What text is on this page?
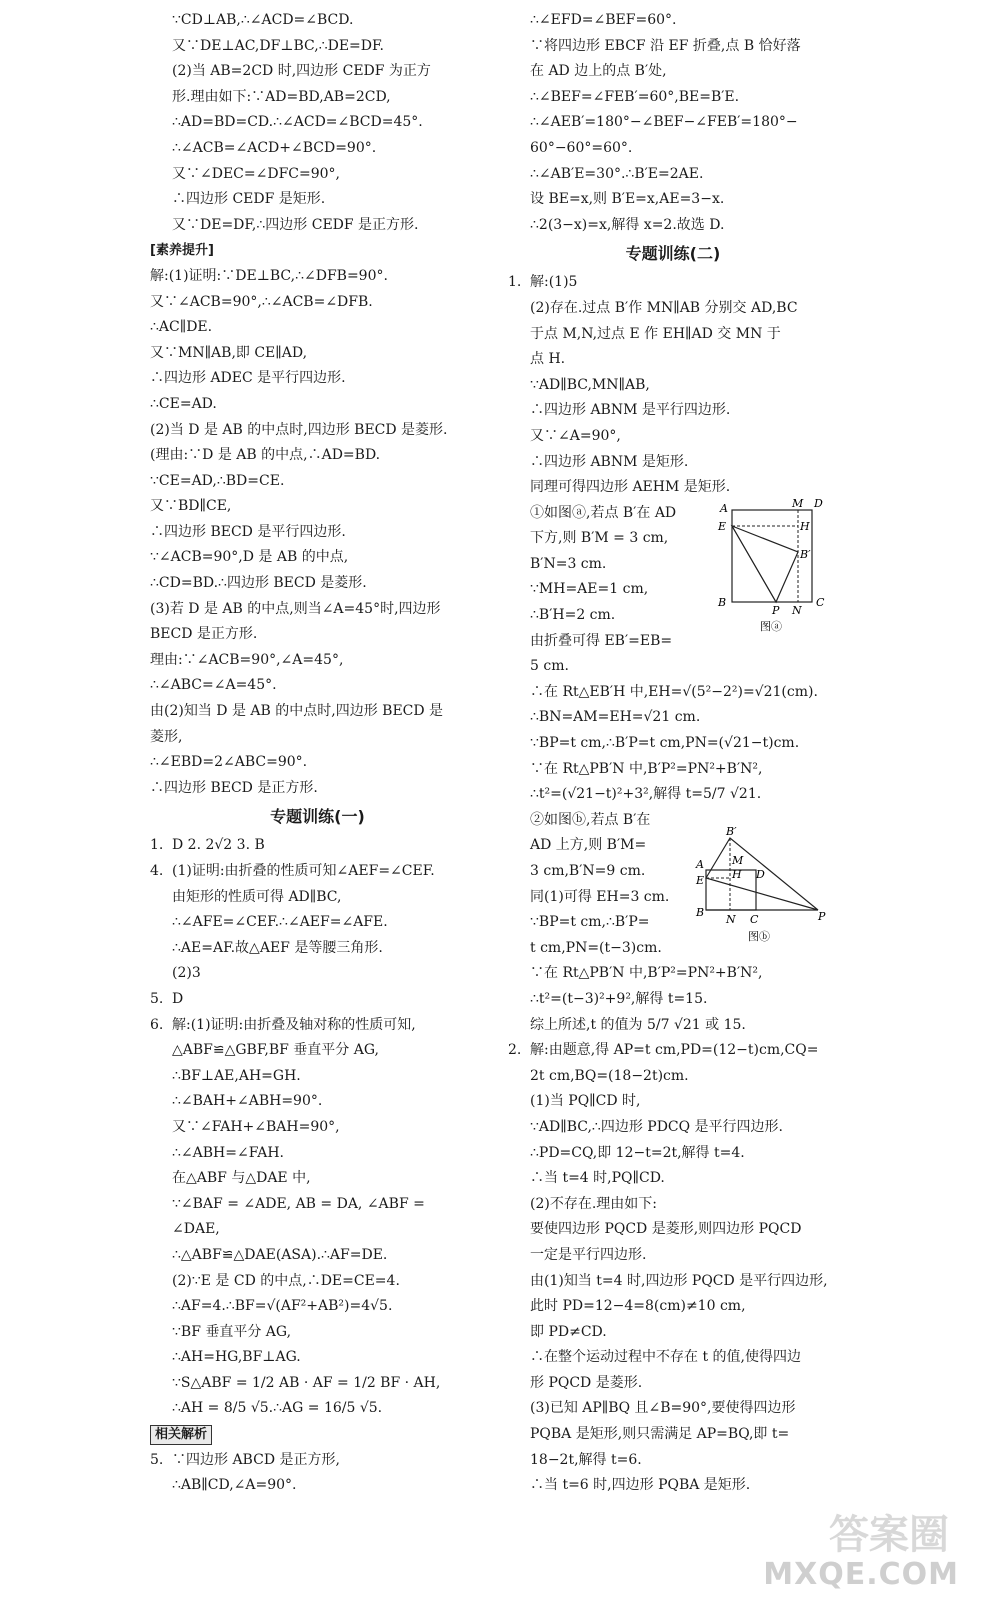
∵CD⊥AB,∴∠ACD=∠BCD.
又∵DE⊥AC,DF⊥BC,∴DE=DF.
(2)当 AB=2CD 时,四边形 CEDF 为正方
形.理由如下:∵AD=BD,AB=2CD,
∴AD=BD=CD.∴∠ACD=∠BCD=45°.
∴∠ACB=∠ACD+∠BCD=90°.
又∵∠DEC=∠DFC=90°,
∴四边形 CEDF 是矩形.
又∵DE=DF,∴四边形 CEDF 是正方形.
[素养提升]
解:(1)证明:∵DE⊥BC,∴∠DFB=90°.
又∵∠ACB=90°,∴∠ACB=∠DFB.
∴AC∥DE.
又∵MN∥AB,即 CE∥AD,
∴四边形 ADEC 是平行四边形.
∴CE=AD.
(2)当 D 是 AB 的中点时,四边形 BECD 是菱形.
(理由:∵D 是 AB 的中点,∴AD=BD.
∵CE=AD,∴BD=CE.
又∵BD∥CE,
∴四边形 BECD 是平行四边形.
∵∠ACB=90°,D 是 AB 的中点,
∴CD=BD.∴四边形 BECD 是菱形.
(3)若 D 是 AB 的中点,则当∠A=45°时,四边形
BECD 是正方形.
理由:∵∠ACB=90°,∠A=45°,
∴∠ABC=∠A=45°.
由(2)知当 D 是 AB 的中点时,四边形 BECD 是
菱形,
∴∠EBD=2∠ABC=90°.
∴四边形 BECD 是正方形.
专题训练(一)
1. D 2. 2√2 3. B
4. (1)证明:由折叠的性质可知∠AEF=∠CEF.
由矩形的性质可得 AD∥BC,
∴∠AFE=∠CEF.∴∠AEF=∠AFE.
∴AE=AF.故△AEF 是等腰三角形.
(2)3
5. D
6. 解:(1)证明:由折叠及轴对称的性质可知,
△ABF≌△GBF,BF 垂直平分 AG,
∴BF⊥AE,AH=GH.
∴∠BAH+∠ABH=90°.
又∵∠FAH+∠BAH=90°,
∴∠ABH=∠FAH.
在△ABF 与△DAE 中,
∵∠BAF = ∠ADE, AB = DA, ∠ABF =
∠DAE,
∴△ABF≌△DAE(ASA).∴AF=DE.
(2)∵E 是 CD 的中点,∴DE=CE=4.
∴AF=4.∴BF=√(AF²+AB²)=4√5.
∵BF 垂直平分 AG,
∴AH=HG,BF⊥AG.
∵S△ABF = 1/2 AB · AF = 1/2 BF · AH,
∴AH = 8/5 √5.∴AG = 16/5 √5.
相关解析
5. ∵四边形 ABCD 是正方形,
∴AB∥CD,∠A=90°.
∴∠EFD=∠BEF=60°.
∵将四边形 EBCF 沿 EF 折叠,点 B 恰好落
在 AD 边上的点 B′处,
∴∠BEF=∠FEB′=60°,BE=B′E.
∴∠AEB′=180°−∠BEF−∠FEB′=180°−
60°−60°=60°.
∴∠AB′E=30°.∴B′E=2AE.
设 BE=x,则 B′E=x,AE=3−x.
∴2(3−x)=x,解得 x=2.故选 D.
专题训练(二)
1. 解:(1)5
(2)存在.过点 B′作 MN∥AB 分别交 AD,BC
于点 M,N,过点 E 作 EH∥AD 交 MN 于
点 H.
∵AD∥BC,MN∥AB,
∴四边形 ABNM 是平行四边形.
又∵∠A=90°,
∴四边形 ABNM 是矩形.
同理可得四边形 AEHM 是矩形.
①如图ⓐ,若点 B′在 AD
下方,则 B′M = 3 cm,
B′N=3 cm.
∵MH=AE=1 cm,
∴B′H=2 cm.
由折叠可得 EB′=EB=
5 cm.
∴在 Rt△EB′H 中,EH=√(5²−2²)=√21(cm).
∴BN=AM=EH=√21 cm.
∵BP=t cm,∴B′P=t cm,PN=(√21−t)cm.
∵在 Rt△PB′N 中,B′P²=PN²+B′N²,
∴t²=(√21−t)²+3²,解得 t=5/7 √21.
②如图ⓑ,若点 B′在
AD 上方,则 B′M=
3 cm,B′N=9 cm.
同(1)可得 EH=3 cm.
∵BP=t cm,∴B′P=
t cm,PN=(t−3)cm.
∵在 Rt△PB′N 中,B′P²=PN²+B′N²,
∴t²=(t−3)²+9²,解得 t=15.
综上所述,t 的值为 5/7 √21 或 15.
2. 解:由题意,得 AP=t cm,PD=(12−t)cm,CQ=
2t cm,BQ=(18−2t)cm.
(1)当 PQ∥CD 时,
∵AD∥BC,∴四边形 PDCQ 是平行四边形.
∴PD=CQ,即 12−t=2t,解得 t=4.
∴当 t=4 时,PQ∥CD.
(2)不存在.理由如下:
要使四边形 PQCD 是菱形,则四边形 PQCD
一定是平行四边形.
由(1)知当 t=4 时,四边形 PQCD 是平行四边形,
此时 PD=12−4=8(cm)≠10 cm,
即 PD≠CD.
∴在整个运动过程中不存在 t 的值,使得四边
形 PQCD 是菱形.
(3)已知 AP∥BQ 且∠B=90°,要使得四边形
PQBA 是矩形,则只需满足 AP=BQ,即 t=
18−2t,解得 t=6.
∴当 t=6 时,四边形 PQBA 是矩形.
A	M D
E	H
B′
B
P N
C
图ⓐ
B′
M
A
E	H D
B
N C	P
图ⓑ
答案圈
MXQE.COM
